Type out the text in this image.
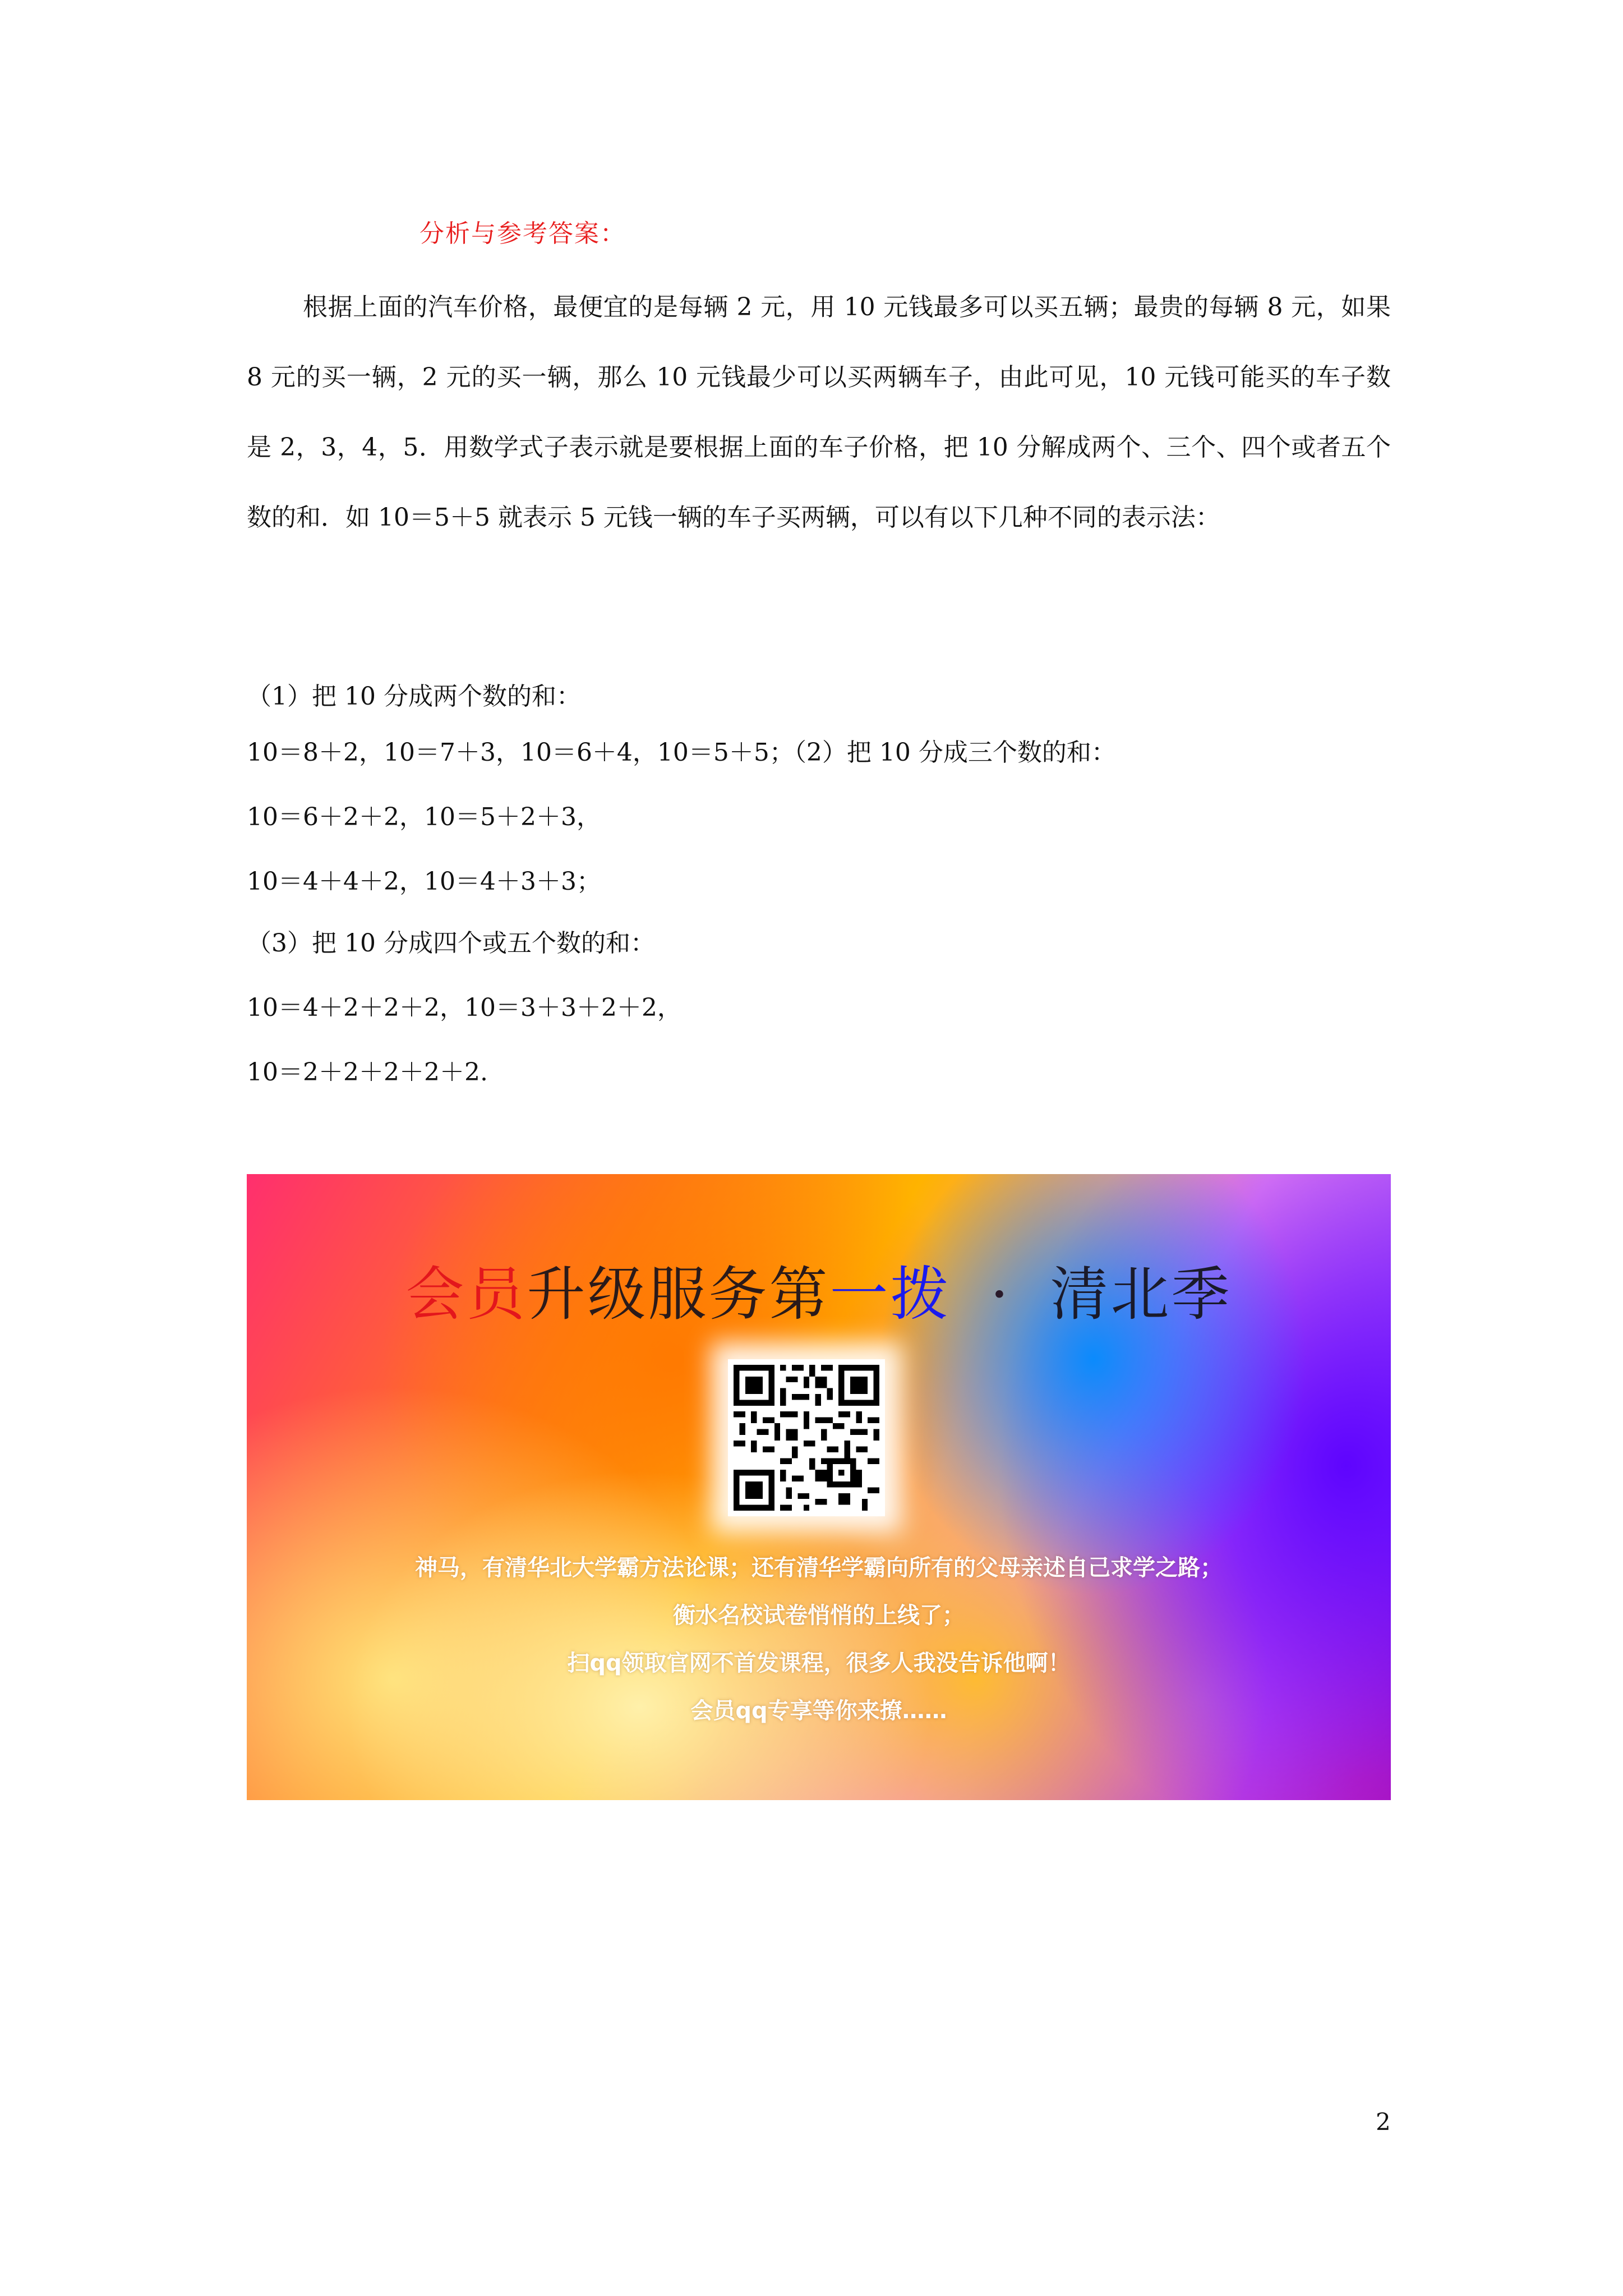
分析与参考答案：

根据上面的汽车价格，最便宜的是每辆 2 元，用 10 元钱最多可以买五辆；最贵的每辆 8 元，如果 8 元的买一辆，2 元的买一辆，那么 10 元钱最少可以买两辆车子，由此可见，10 元钱可能买的车子数是 2，3，4，5．用数学式子表示就是要根据上面的车子价格，把 10 分解成两个、三个、四个或者五个数的和．如 10＝5＋5 就表示 5 元钱一辆的车子买两辆，可以有以下几种不同的表示法：

（1）把 10 分成两个数的和：
10＝8＋2，10＝7＋3，10＝6＋4，10＝5＋5；（2）把 10 分成三个数的和：
10＝6＋2＋2，10＝5＋2＋3，
10＝4＋4＋2，10＝4＋3＋3；
（3）把 10 分成四个或五个数的和：
10＝4＋2＋2＋2，10＝3＋3＋2＋2，
10＝2＋2＋2＋2＋2.
会员升级服务第一拨 · 清北季
神马，有清华北大学霸方法论课；还有清华学霸向所有的父母亲述自己求学之路；
衡水名校试卷悄悄的上线了；
扫qq领取官网不首发课程，很多人我没告诉他啊！
会员qq专享等你来撩……
2
